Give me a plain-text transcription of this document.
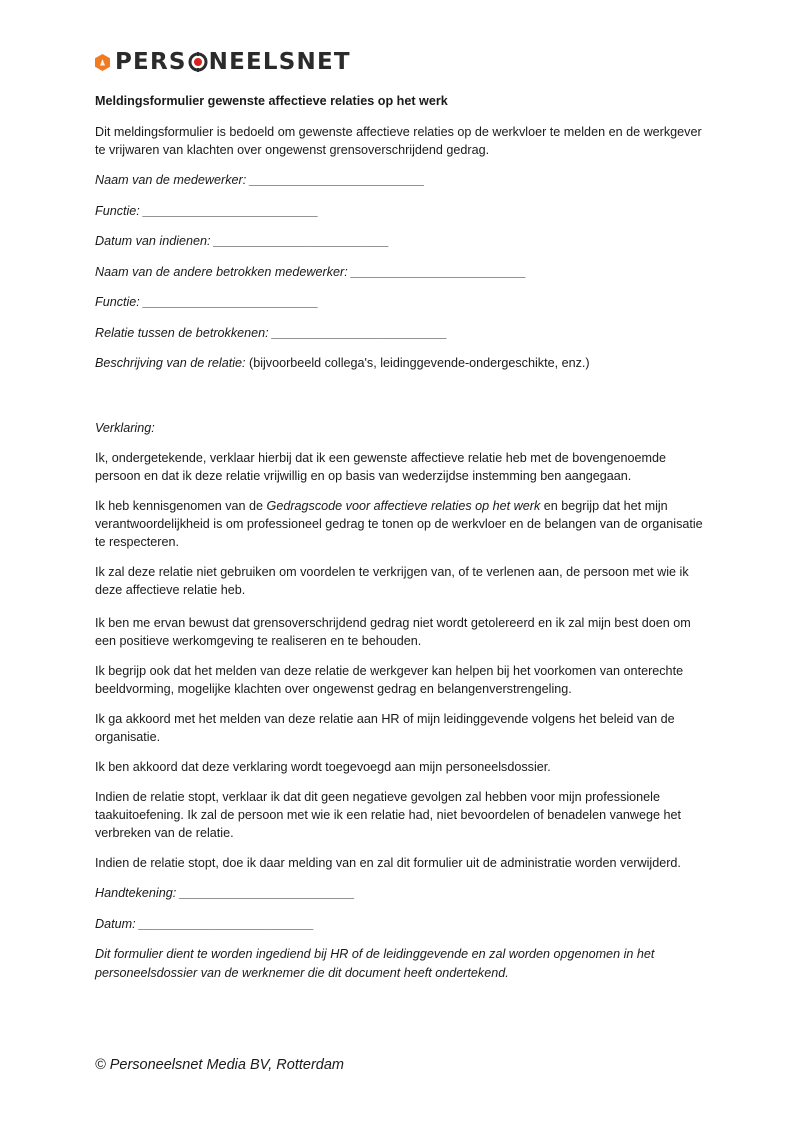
PERS NEELSNET
Meldingsformulier gewenste affectieve relaties op het werk

Dit meldingsformulier is bedoeld om gewenste affectieve relaties op de werkvloer te melden en de werkgever te vrijwaren van klachten over ongewenst grensoverschrijdend gedrag.

Naam van de medewerker: _________________________
Functie: _________________________
Datum van indienen: _________________________
Naam van de andere betrokken medewerker: _________________________
Functie: _________________________
Relatie tussen de betrokkenen: _________________________
Beschrijving van de relatie: (bijvoorbeeld collega's, leidinggevende-ondergeschikte, enz.)
Verklaring:

Ik, ondergetekende, verklaar hierbij dat ik een gewenste affectieve relatie heb met de bovengenoemde persoon en dat ik deze relatie vrijwillig en op basis van wederzijdse instemming ben aangegaan.

Ik heb kennisgenomen van de Gedragscode voor affectieve relaties op het werk en begrijp dat het mijn verantwoordelijkheid is om professioneel gedrag te tonen op de werkvloer en de belangen van de organisatie te respecteren.

Ik zal deze relatie niet gebruiken om voordelen te verkrijgen van, of te verlenen aan, de persoon met wie ik deze affectieve relatie heb.

Ik ben me ervan bewust dat grensoverschrijdend gedrag niet wordt getolereerd en ik zal mijn best doen om een positieve werkomgeving te realiseren en te behouden.

Ik begrijp ook dat het melden van deze relatie de werkgever kan helpen bij het voorkomen van onterechte beeldvorming, mogelijke klachten over ongewenst gedrag en belangenverstrengeling.

Ik ga akkoord met het melden van deze relatie aan HR of mijn leidinggevende volgens het beleid van de organisatie.

Ik ben akkoord dat deze verklaring wordt toegevoegd aan mijn personeelsdossier.

Indien de relatie stopt, verklaar ik dat dit geen negatieve gevolgen zal hebben voor mijn professionele taakuitoefening. Ik zal de persoon met wie ik een relatie had, niet bevoordelen of benadelen vanwege het verbreken van de relatie.

Indien de relatie stopt, doe ik daar melding van en zal dit formulier uit de administratie worden verwijderd.

Handtekening: _________________________
Datum: _________________________
Dit formulier dient te worden ingediend bij HR of de leidinggevende en zal worden opgenomen in het personeelsdossier van de werknemer die dit document heeft ondertekend.
© Personeelsnet Media BV, Rotterdam
